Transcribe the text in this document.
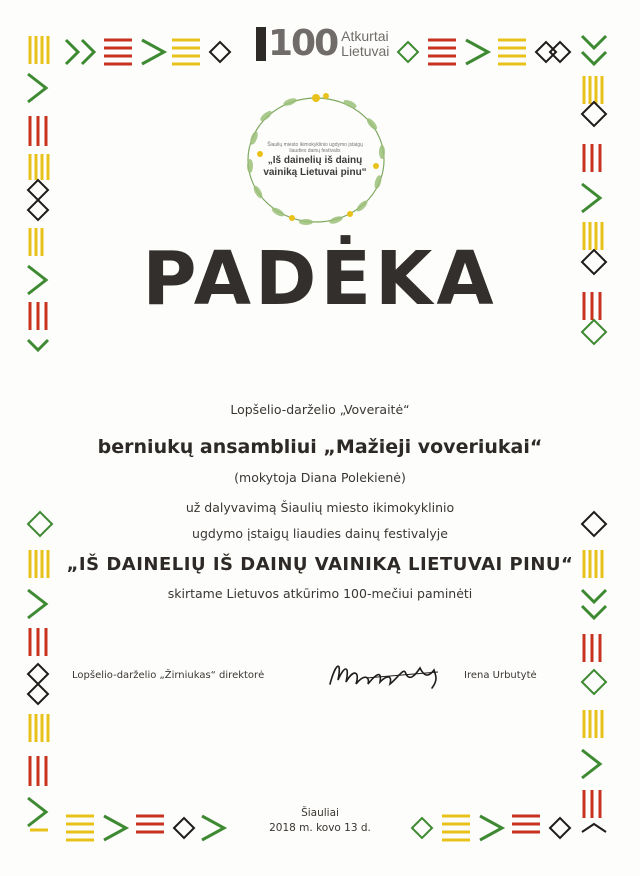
100 Atkurtai
Lietuvai
Šiaulių miesto ikimokyklinio ugdymo įstaigų
liaudies dainų festivalis
„Iš dainelių iš dainų
vainiką Lietuvai pinu“
PADĖKA
Lopšelio-darželio „Voveraitė“
berniukų ansambliui „Mažieji voveriukai“
(mokytoja Diana Polekienė)
už dalyvavimą Šiaulių miesto ikimokyklinio
ugdymo įstaigų liaudies dainų festivalyje
„IŠ DAINELIŲ IŠ DAINŲ VAINIKĄ LIETUVAI PINU“
skirtame Lietuvos atkūrimo 100-mečiui paminėti
Lopšelio-darželio „Žirniukas“ direktorė	Irena Urbutytė
Šiauliai
2018 m. kovo 13 d.
